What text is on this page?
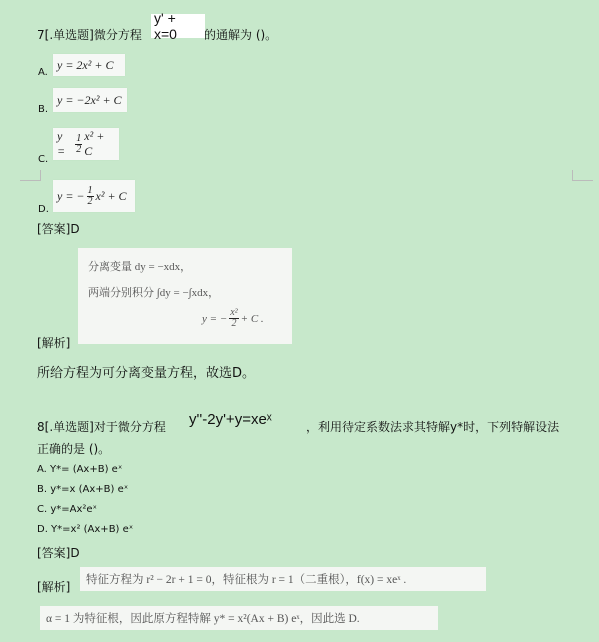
7[.单选题]微分方程
y' + x=0	的通解为 ()。
A.
y = 2x² + C
B.
y = −2x² + C
C.
y =	$\frac{1}{2} x^2 + C$
D.
y = − $\frac{1}{2} x^2 + C$
[答案]D
分离变量 dy = −xdx，
两端分别积分 ∫dy = −∫xdx，
y = − $\frac{\text{x²}}{2} + C$ .
[解析]
所给方程为可分离变量方程，故选D。
8[.单选题]对于微分方程 y''-2y'+y=xeˣ	，利用待定系数法求其特解y*时，下列特解设法
正确的是 ()。
A. Y*= (Ax+B) eˣ
B. y*=x (Ax+B) eˣ
C. y*=Ax²eˣ
D. Y*=x² (Ax+B) eˣ
[答案]D
[解析]	特征方程为 r² − 2r + 1 = 0，特征根为 r = 1（二重根），f(x) = xeˣ .
α = 1 为特征根，因此原方程特解 y* = x²(Ax + B) eˣ，因此选 D.
